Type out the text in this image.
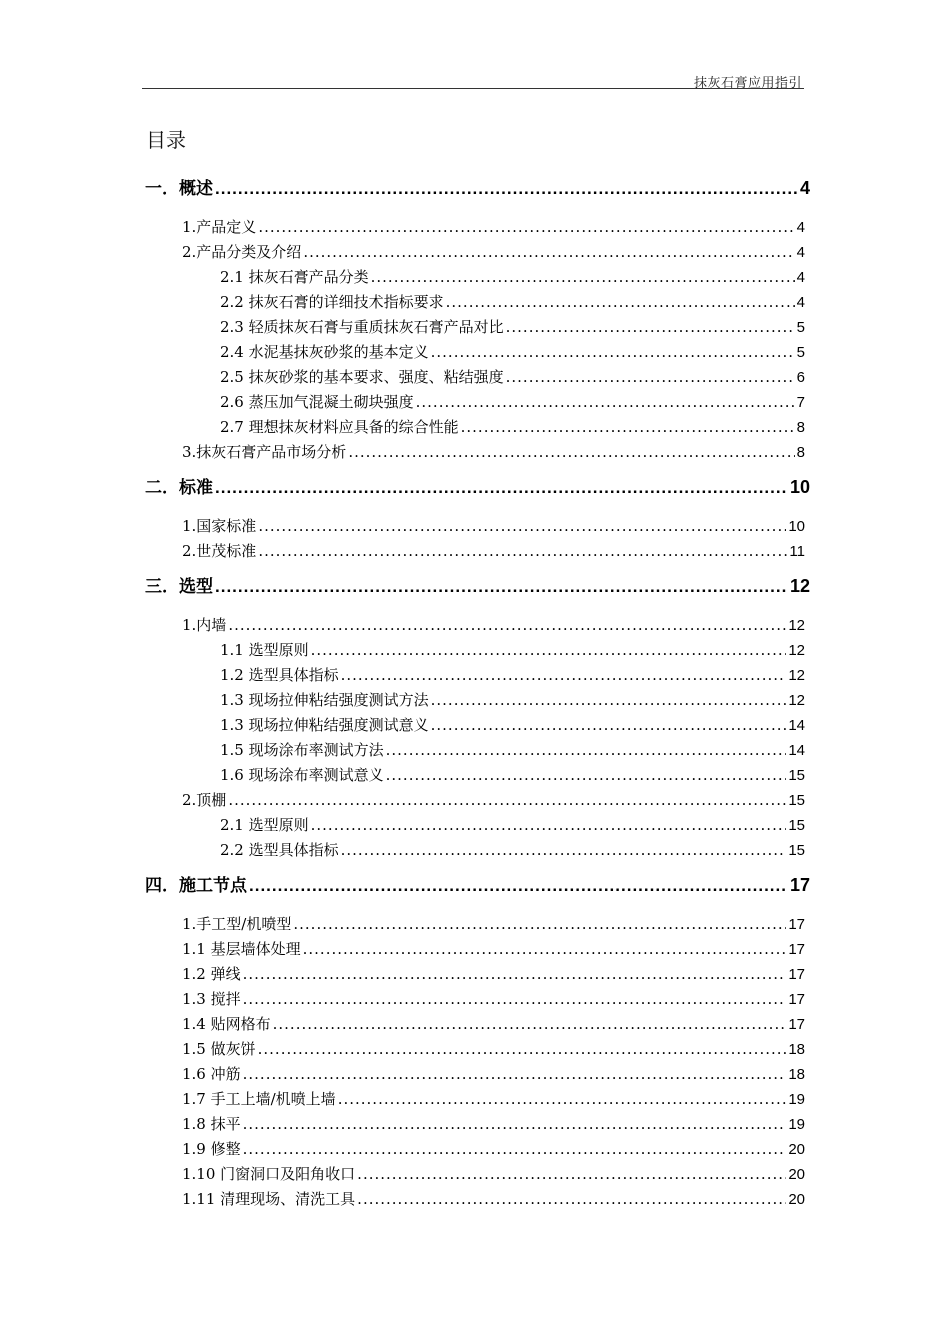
抹灰石膏应用指引
目录
一．概述 .....	4
1.产品定义 .....	4
2.产品分类及介绍 .....	4
2.1 抹灰石膏产品分类 .....	4
2.2 抹灰石膏的详细技术指标要求 .....	4
2.3 轻质抹灰石膏与重质抹灰石膏产品对比 .....	5
2.4 水泥基抹灰砂浆的基本定义 .....	5
2.5 抹灰砂浆的基本要求、强度、粘结强度 .....	6
2.6 蒸压加气混凝土砌块强度 .....	7
2.7 理想抹灰材料应具备的综合性能 .....	8
3.抹灰石膏产品市场分析 .....	8
二．标准 .....	10
1.国家标准 .....	10
2.世茂标准 .....	11
三．选型 .....	12
1.内墙 .....	12
1.1 选型原则 .....	12
1.2 选型具体指标 .....	12
1.3 现场拉伸粘结强度测试方法 .....	12
1.3 现场拉伸粘结强度测试意义 .....	14
1.5 现场涂布率测试方法 .....	14
1.6 现场涂布率测试意义 .....	15
2.顶棚 .....	15
2.1 选型原则 .....	15
2.2 选型具体指标 .....	15
四．施工节点 .....	17
1.手工型/机喷型 .....	17
1.1 基层墙体处理 .....	17
1.2 弹线 .....	17
1.3 搅拌 .....	17
1.4 贴网格布 .....	17
1.5 做灰饼 .....	18
1.6 冲筋 .....	18
1.7 手工上墙/机喷上墙 .....	19
1.8 抹平 .....	19
1.9 修整 .....	20
1.10 门窗洞口及阳角收口 .....	20
1.11 清理现场、清洗工具 .....	20
